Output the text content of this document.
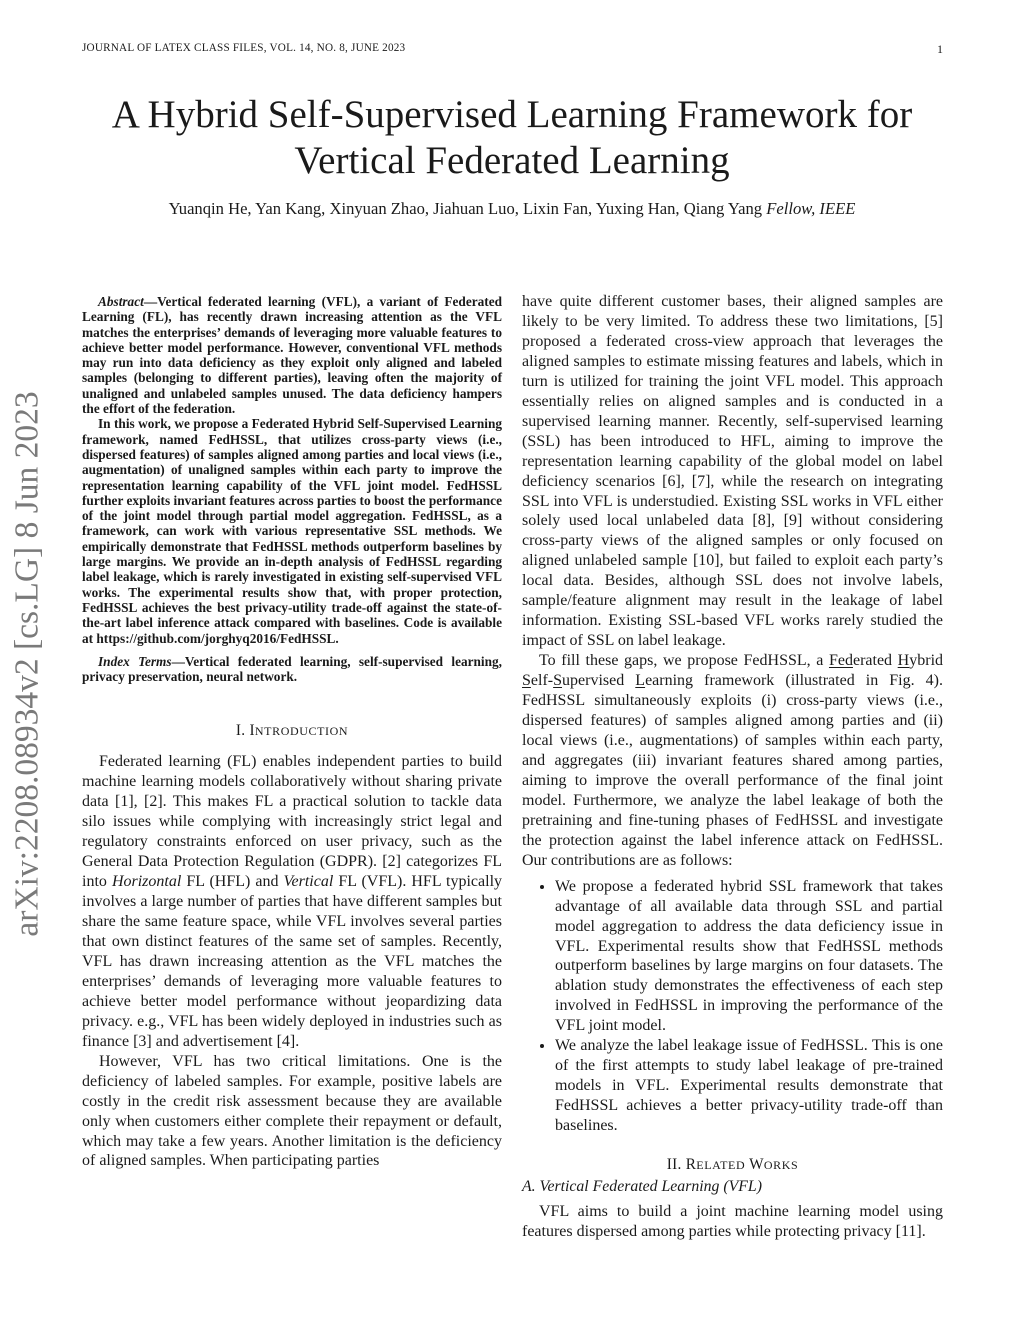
JOURNAL OF LATEX CLASS FILES, VOL. 14, NO. 8, JUNE 2023	1
A Hybrid Self-Supervised Learning Framework for
Vertical Federated Learning
Yuanqin He, Yan Kang, Xinyuan Zhao, Jiahuan Luo, Lixin Fan, Yuxing Han, Qiang Yang Fellow, IEEE
arXiv:2208.08934v2 [cs.LG] 8 Jun 2023

Abstract—Vertical federated learning (VFL), a variant of Federated Learning (FL), has recently drawn increasing attention as the VFL matches the enterprises’ demands of leveraging more valuable features to achieve better model performance. However, conventional VFL methods may run into data deficiency as they exploit only aligned and labeled samples (belonging to different parties), leaving often the majority of unaligned and unlabeled samples unused. The data deficiency hampers the effort of the federation.

In this work, we propose a Federated Hybrid Self-Supervised Learning framework, named FedHSSL, that utilizes cross-party views (i.e., dispersed features) of samples aligned among parties and local views (i.e., augmentation) of unaligned samples within each party to improve the representation learning capability of the VFL joint model. FedHSSL further exploits invariant features across parties to boost the performance of the joint model through partial model aggregation. FedHSSL, as a framework, can work with various representative SSL methods. We empirically demonstrate that FedHSSL methods outperform baselines by large margins. We provide an in-depth analysis of FedHSSL regarding label leakage, which is rarely investigated in existing self-supervised VFL works. The experimental results show that, with proper protection, FedHSSL achieves the best privacy-utility trade-off against the state-of-the-art label inference attack compared with baselines. Code is available at https://github.com/jorghyq2016/FedHSSL.

Index Terms—Vertical federated learning, self-supervised learning, privacy preservation, neural network.

I. INTRODUCTION

Federated learning (FL) enables independent parties to build machine learning models collaboratively without sharing private data [1], [2]. This makes FL a practical solution to tackle data silo issues while complying with increasingly strict legal and regulatory constraints enforced on user privacy, such as the General Data Protection Regulation (GDPR). [2] categorizes FL into Horizontal FL (HFL) and Vertical FL (VFL). HFL typically involves a large number of parties that have different samples but share the same feature space, while VFL involves several parties that own distinct features of the same set of samples. Recently, VFL has drawn increasing attention as the VFL matches the enterprises’ demands of leveraging more valuable features to achieve better model performance without jeopardizing data privacy. e.g., VFL has been widely deployed in industries such as finance [3] and advertisement [4].

However, VFL has two critical limitations. One is the deficiency of labeled samples. For example, positive labels are costly in the credit risk assessment because they are available only when customers either complete their repayment or default, which may take a few years. Another limitation is the deficiency of aligned samples. When participating parties

have quite different customer bases, their aligned samples are likely to be very limited. To address these two limitations, [5] proposed a federated cross-view approach that leverages the aligned samples to estimate missing features and labels, which in turn is utilized for training the joint VFL model. This approach essentially relies on aligned samples and is conducted in a supervised learning manner. Recently, self-supervised learning (SSL) has been introduced to HFL, aiming to improve the representation learning capability of the global model on label deficiency scenarios [6], [7], while the research on integrating SSL into VFL is understudied. Existing SSL works in VFL either solely used local unlabeled data [8], [9] without considering cross-party views of the aligned samples or only focused on aligned unlabeled sample [10], but failed to exploit each party’s local data. Besides, although SSL does not involve labels, sample/feature alignment may result in the leakage of label information. Existing SSL-based VFL works rarely studied the impact of SSL on label leakage.

To fill these gaps, we propose FedHSSL, a Federated Hybrid Self-Supervised Learning framework (illustrated in Fig. 4). FedHSSL simultaneously exploits (i) cross-party views (i.e., dispersed features) of samples aligned among parties and (ii) local views (i.e., augmentations) of samples within each party, and aggregates (iii) invariant features shared among parties, aiming to improve the overall performance of the final joint model. Furthermore, we analyze the label leakage of both the pretraining and fine-tuning phases of FedHSSL and investigate the protection against the label inference attack on FedHSSL. Our contributions are as follows:

• We propose a federated hybrid SSL framework that takes advantage of all available data through SSL and partial model aggregation to address the data deficiency issue in VFL. Experimental results show that FedHSSL methods outperform baselines by large margins on four datasets. The ablation study demonstrates the effectiveness of each step involved in FedHSSL in improving the performance of the VFL joint model.
• We analyze the label leakage issue of FedHSSL. This is one of the first attempts to study label leakage of pre-trained models in VFL. Experimental results demonstrate that FedHSSL achieves a better privacy-utility trade-off than baselines.
II. RELATED WORKS
A. Vertical Federated Learning (VFL)

VFL aims to build a joint machine learning model using features dispersed among parties while protecting privacy [11].
